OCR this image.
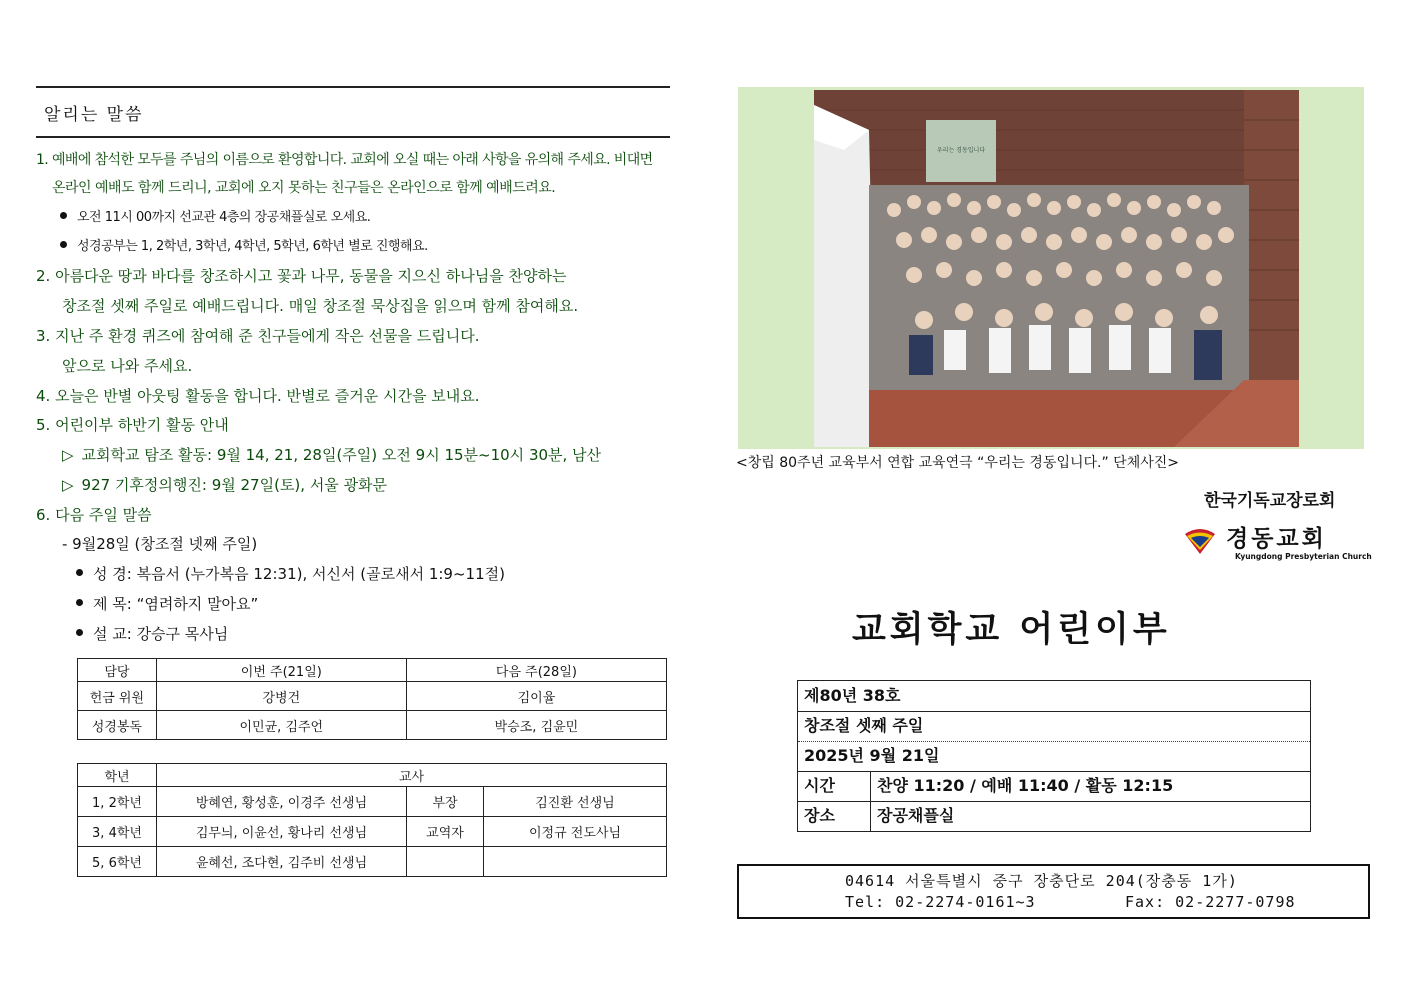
알리는 말씀
1. 예배에 참석한 모두를 주님의 이름으로 환영합니다. 교회에 오실 때는 아래 사항을 유의해 주세요. 비대면
온라인 예배도 함께 드리니, 교회에 오지 못하는 친구들은 온라인으로 함께 예배드려요.
오전 11시 00까지 선교관 4층의 장공채플실로 오세요.
성경공부는 1, 2학년, 3학년, 4학년, 5학년, 6학년 별로 진행해요.
2. 아름다운 땅과 바다를 창조하시고 꽃과 나무, 동물을 지으신 하나님을 찬양하는
창조절 셋째 주일로 예배드립니다. 매일 창조절 묵상집을 읽으며 함께 참여해요.
3. 지난 주 환경 퀴즈에 참여해 준 친구들에게 작은 선물을 드립니다.
앞으로 나와 주세요.
4. 오늘은 반별 아웃팅 활동을 합니다. 반별로 즐거운 시간을 보내요.
5. 어린이부 하반기 활동 안내
▷ 교회학교 탐조 활동: 9월 14, 21, 28일(주일) 오전 9시 15분~10시 30분, 남산
▷ 927 기후정의행진: 9월 27일(토), 서울 광화문
6. 다음 주일 말씀
- 9월28일 (창조절 넷째 주일)
성 경: 복음서 (누가복음 12:31), 서신서 (골로새서 1:9~11절)
제 목: “염려하지 말아요”
설 교: 강승구 목사님
담당	이번 주(21일)	다음 주(28일)
헌금 위원	강병건	김이율
성경봉독	이민균, 김주언	박승조, 김윤민
학년	교사		
1, 2학년	방혜연, 황성훈, 이경주 선생님	부장	김진환 선생님
3, 4학년	김무늬, 이윤선, 황나리 선생님	교역자	이정규 전도사님
5, 6학년	윤혜선, 조다현, 김주비 선생님		
우리는 경동입니다
<창립 80주년 교육부서 연합 교육연극 “우리는 경동입니다.” 단체사진>
한국기독교장로회
경동교회
Kyungdong Presbyterian Church
교회학교 어린이부
제80년 38호
창조절 셋째 주일
2025년 9월 21일
시간	찬양 11:20 / 예배 11:40 / 활동 12:15
장소	장공채플실
04614 서울특별시 중구 장충단로 204(장충동 1가)
Tel: 02-2274-0161~3	Fax: 02-2277-0798
